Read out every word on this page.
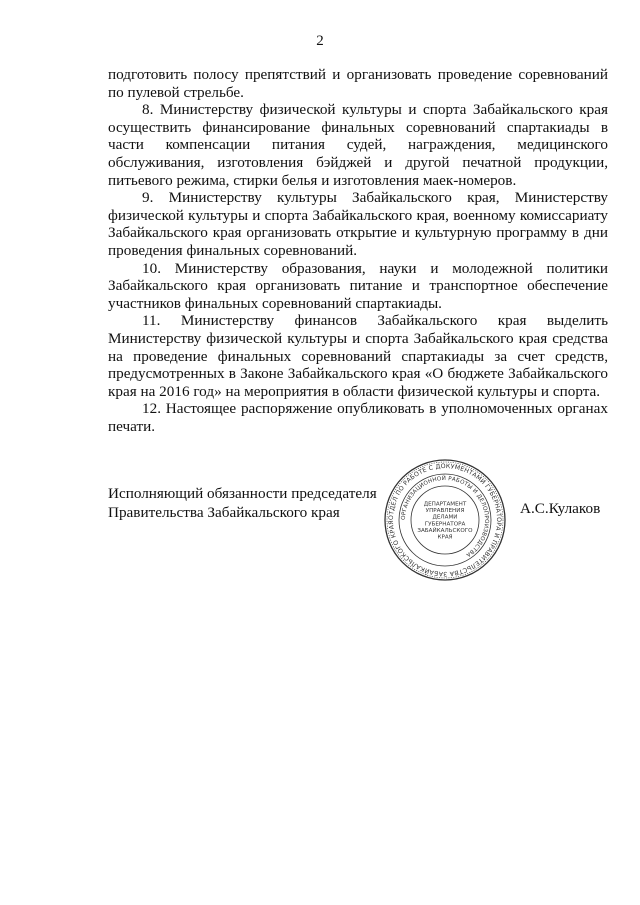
2

подготовить полосу препятствий и организовать проведение соревнований по пулевой стрельбе.

8. Министерству физической культуры и спорта Забайкальского края осуществить финансирование финальных соревнований спартакиады в части компенсации питания судей, награждения, медицинского обслуживания, изготовления бэйджей и другой печатной продукции, питьевого режима, стирки белья и изготовления маек-номеров.

9. Министерству культуры Забайкальского края, Министерству физической культуры и спорта Забайкальского края, военному комиссариату Забайкальского края организовать открытие и культурную программу в дни проведения финальных соревнований.

10. Министерству образования, науки и молодежной политики Забайкальского края организовать питание и транспортное обеспечение участников финальных соревнований спартакиады.

11. Министерству финансов Забайкальского края выделить Министерству физической культуры и спорта Забайкальского края средства на проведение финальных соревнований спартакиады за счет средств, предусмотренных в Законе Забайкальского края «О бюджете Забайкальского края на 2016 год» на мероприятия в области физической культуры и спорта.

12. Настоящее распоряжение опубликовать в уполномоченных органах печати.

Исполняющий обязанности председателя
Правительства Забайкальского края	ОТДЕЛ ПО РАБОТЕ С ДОКУМЕНТАМИ ГУБЕРНАТОРА И ПРАВИТЕЛЬСТВА ЗАБАЙКАЛЬСКОГО КРАЯ
ОРГАНИЗАЦИОННОЙ РАБОТЫ И ДЕЛОПРОИЗВОДСТВА
ДЕПАРТАМЕНТ
УПРАВЛЕНИЯ
ДЕЛАМИ
ГУБЕРНАТОРА
ЗАБАЙКАЛЬСКОГО
КРАЯ
А.С.Кулаков
